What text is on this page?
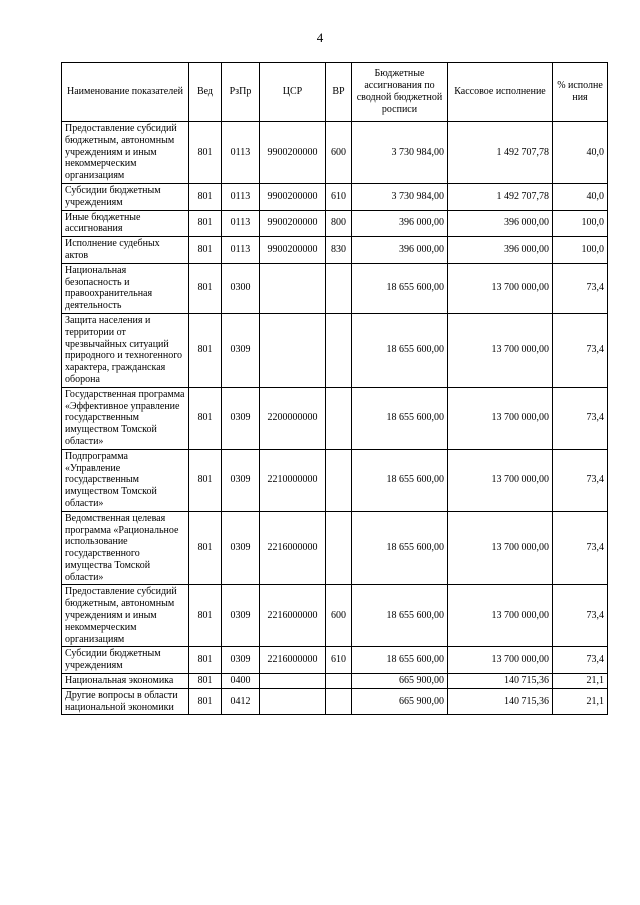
4
Наименование показателей	Вед	РзПр	ЦСР	ВР	Бюджетные ассигнования по сводной бюджетной росписи	Кассовое исполнение	% исполне ния
Предоставление субсидий бюджетным, автономным учреждениям и иным некоммерческим организациям	801	0113	9900200000	600	3 730 984,00	1 492 707,78	40,0
Субсидии бюджетным учреждениям	801	0113	9900200000	610	3 730 984,00	1 492 707,78	40,0
Иные бюджетные ассигнования	801	0113	9900200000	800	396 000,00	396 000,00	100,0
Исполнение судебных актов	801	0113	9900200000	830	396 000,00	396 000,00	100,0
Национальная безопасность и правоохранительная деятельность	801	0300			18 655 600,00	13 700 000,00	73,4
Защита населения и территории от чрезвычайных ситуаций природного и техногенного характера, гражданская оборона	801	0309			18 655 600,00	13 700 000,00	73,4
Государственная программа «Эффективное управление государственным имуществом Томской области»	801	0309	2200000000		18 655 600,00	13 700 000,00	73,4
Подпрограмма «Управление государственным имуществом Томской области»	801	0309	2210000000		18 655 600,00	13 700 000,00	73,4
Ведомственная целевая программа «Рациональное использование государственного имущества Томской области»	801	0309	2216000000		18 655 600,00	13 700 000,00	73,4
Предоставление субсидий бюджетным, автономным учреждениям и иным некоммерческим организациям	801	0309	2216000000	600	18 655 600,00	13 700 000,00	73,4
Субсидии бюджетным учреждениям	801	0309	2216000000	610	18 655 600,00	13 700 000,00	73,4
Национальная экономика	801	0400			665 900,00	140 715,36	21,1
Другие вопросы в области национальной экономики	801	0412			665 900,00	140 715,36	21,1
